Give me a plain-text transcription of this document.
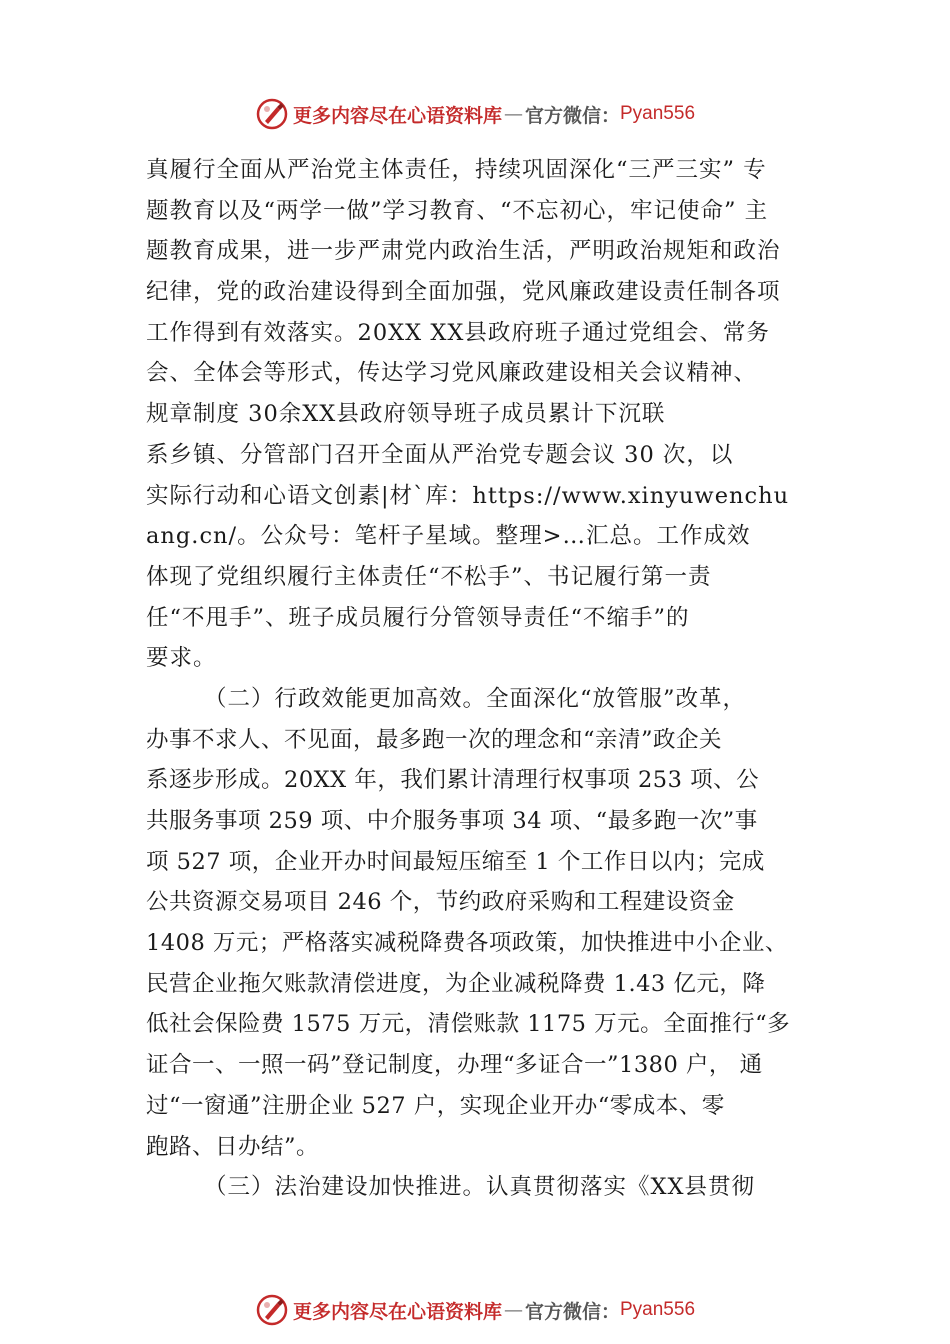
更多内容尽在心语资料库 — 官方微信： Pyan556
真履行全面从严治党主体责任，持续巩固深化“三严三实” 专
题教育以及“两学一做”学习教育、“不忘初心，牢记使命” 主
题教育成果，进一步严肃党内政治生活，严明政治规矩和政治
纪律，党的政治建设得到全面加强，党风廉政建设责任制各项
工作得到有效落实。20XX XX县政府班子通过党组会、常务
会、全体会等形式，传达学习党风廉政建设相关会议精神、
规章制度 30余XX县政府领导班子成员累计下沉联
系乡镇、分管部门召开全面从严治党专题会议 30 次，以
实际行动和心语文创素|材`库：https://www.xinyuwenchu
ang.cn/。公众号：笔杆子星域。整理>…汇总。工作成效
体现了党组织履行主体责任“不松手”、书记履行第一责
任“不甩手”、班子成员履行分管领导责任“不缩手”的
要求。
（二）行政效能更加高效。全面深化“放管服”改革，
办事不求人、不见面，最多跑一次的理念和“亲清”政企关
系逐步形成。20XX 年，我们累计清理行权事项 253 项、公
共服务事项 259 项、中介服务事项 34 项、“最多跑一次”事
项 527 项，企业开办时间最短压缩至 1 个工作日以内；完成
公共资源交易项目 246 个，节约政府采购和工程建设资金
1408 万元；严格落实减税降费各项政策，加快推进中小企业、
民营企业拖欠账款清偿进度，为企业减税降费 1.43 亿元，降
低社会保险费 1575 万元，清偿账款 1175 万元。全面推行“多
证合一、一照一码”登记制度，办理“多证合一”1380 户， 通
过“一窗通”注册企业 527 户，实现企业开办“零成本、零
跑路、日办结”。
（三）法治建设加快推进。认真贯彻落实《XX县贯彻
更多内容尽在心语资料库 — 官方微信： Pyan556
